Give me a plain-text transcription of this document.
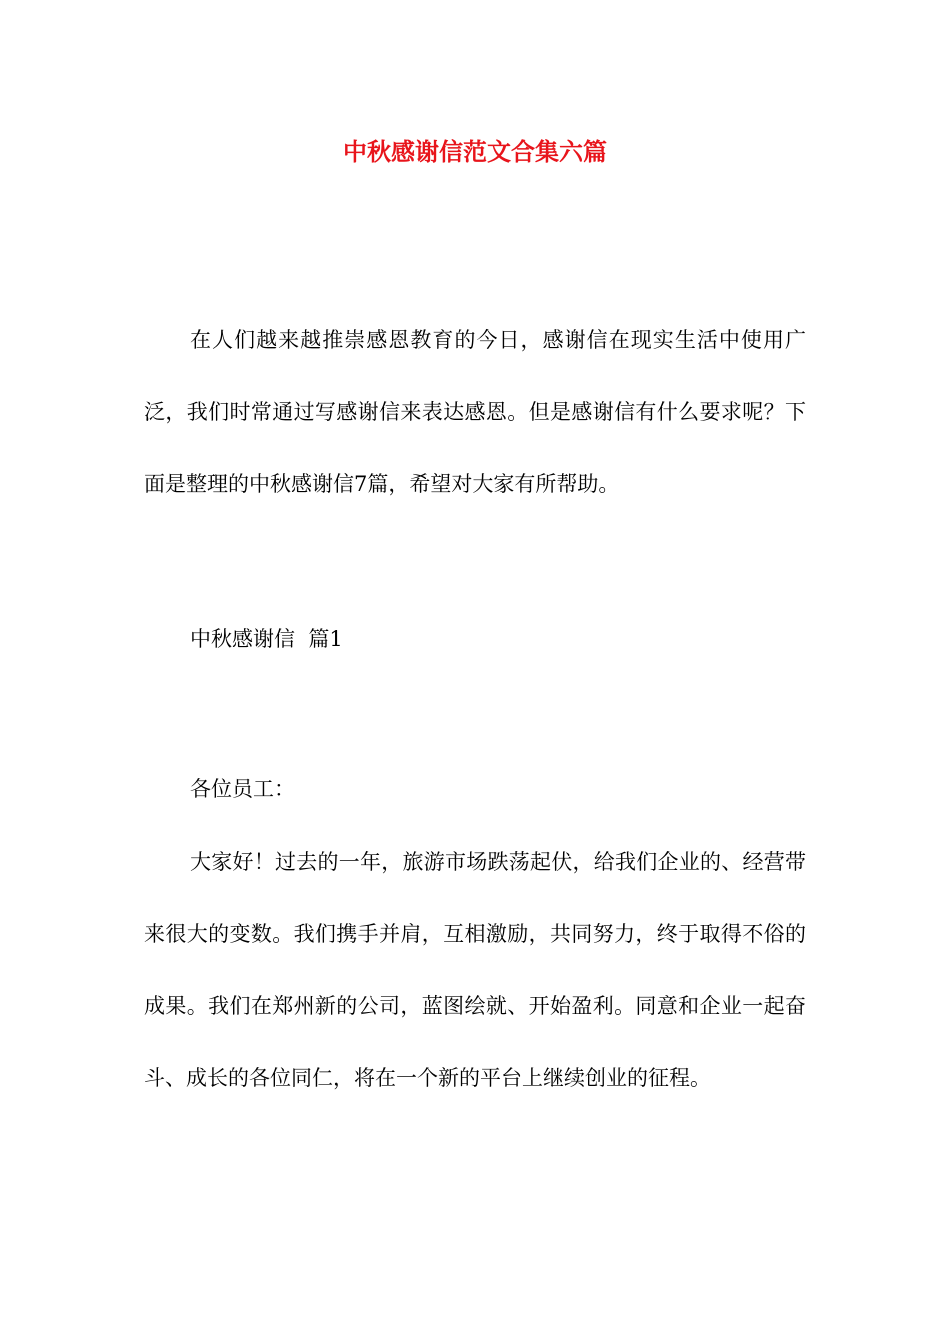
中秋感谢信范文合集六篇

在人们越来越推崇感恩教育的今日，感谢信在现实生活中使用广泛，我们时常通过写感谢信来表达感恩。但是感谢信有什么要求呢？下面是整理的中秋感谢信7篇，希望对大家有所帮助。

中秋感谢信  篇1

各位员工：

大家好！过去的一年，旅游市场跌荡起伏，给我们企业的、经营带来很大的变数。我们携手并肩，互相激励，共同努力，终于取得不俗的成果。我们在郑州新的公司，蓝图绘就、开始盈利。同意和企业一起奋斗、成长的各位同仁，将在一个新的平台上继续创业的征程。
